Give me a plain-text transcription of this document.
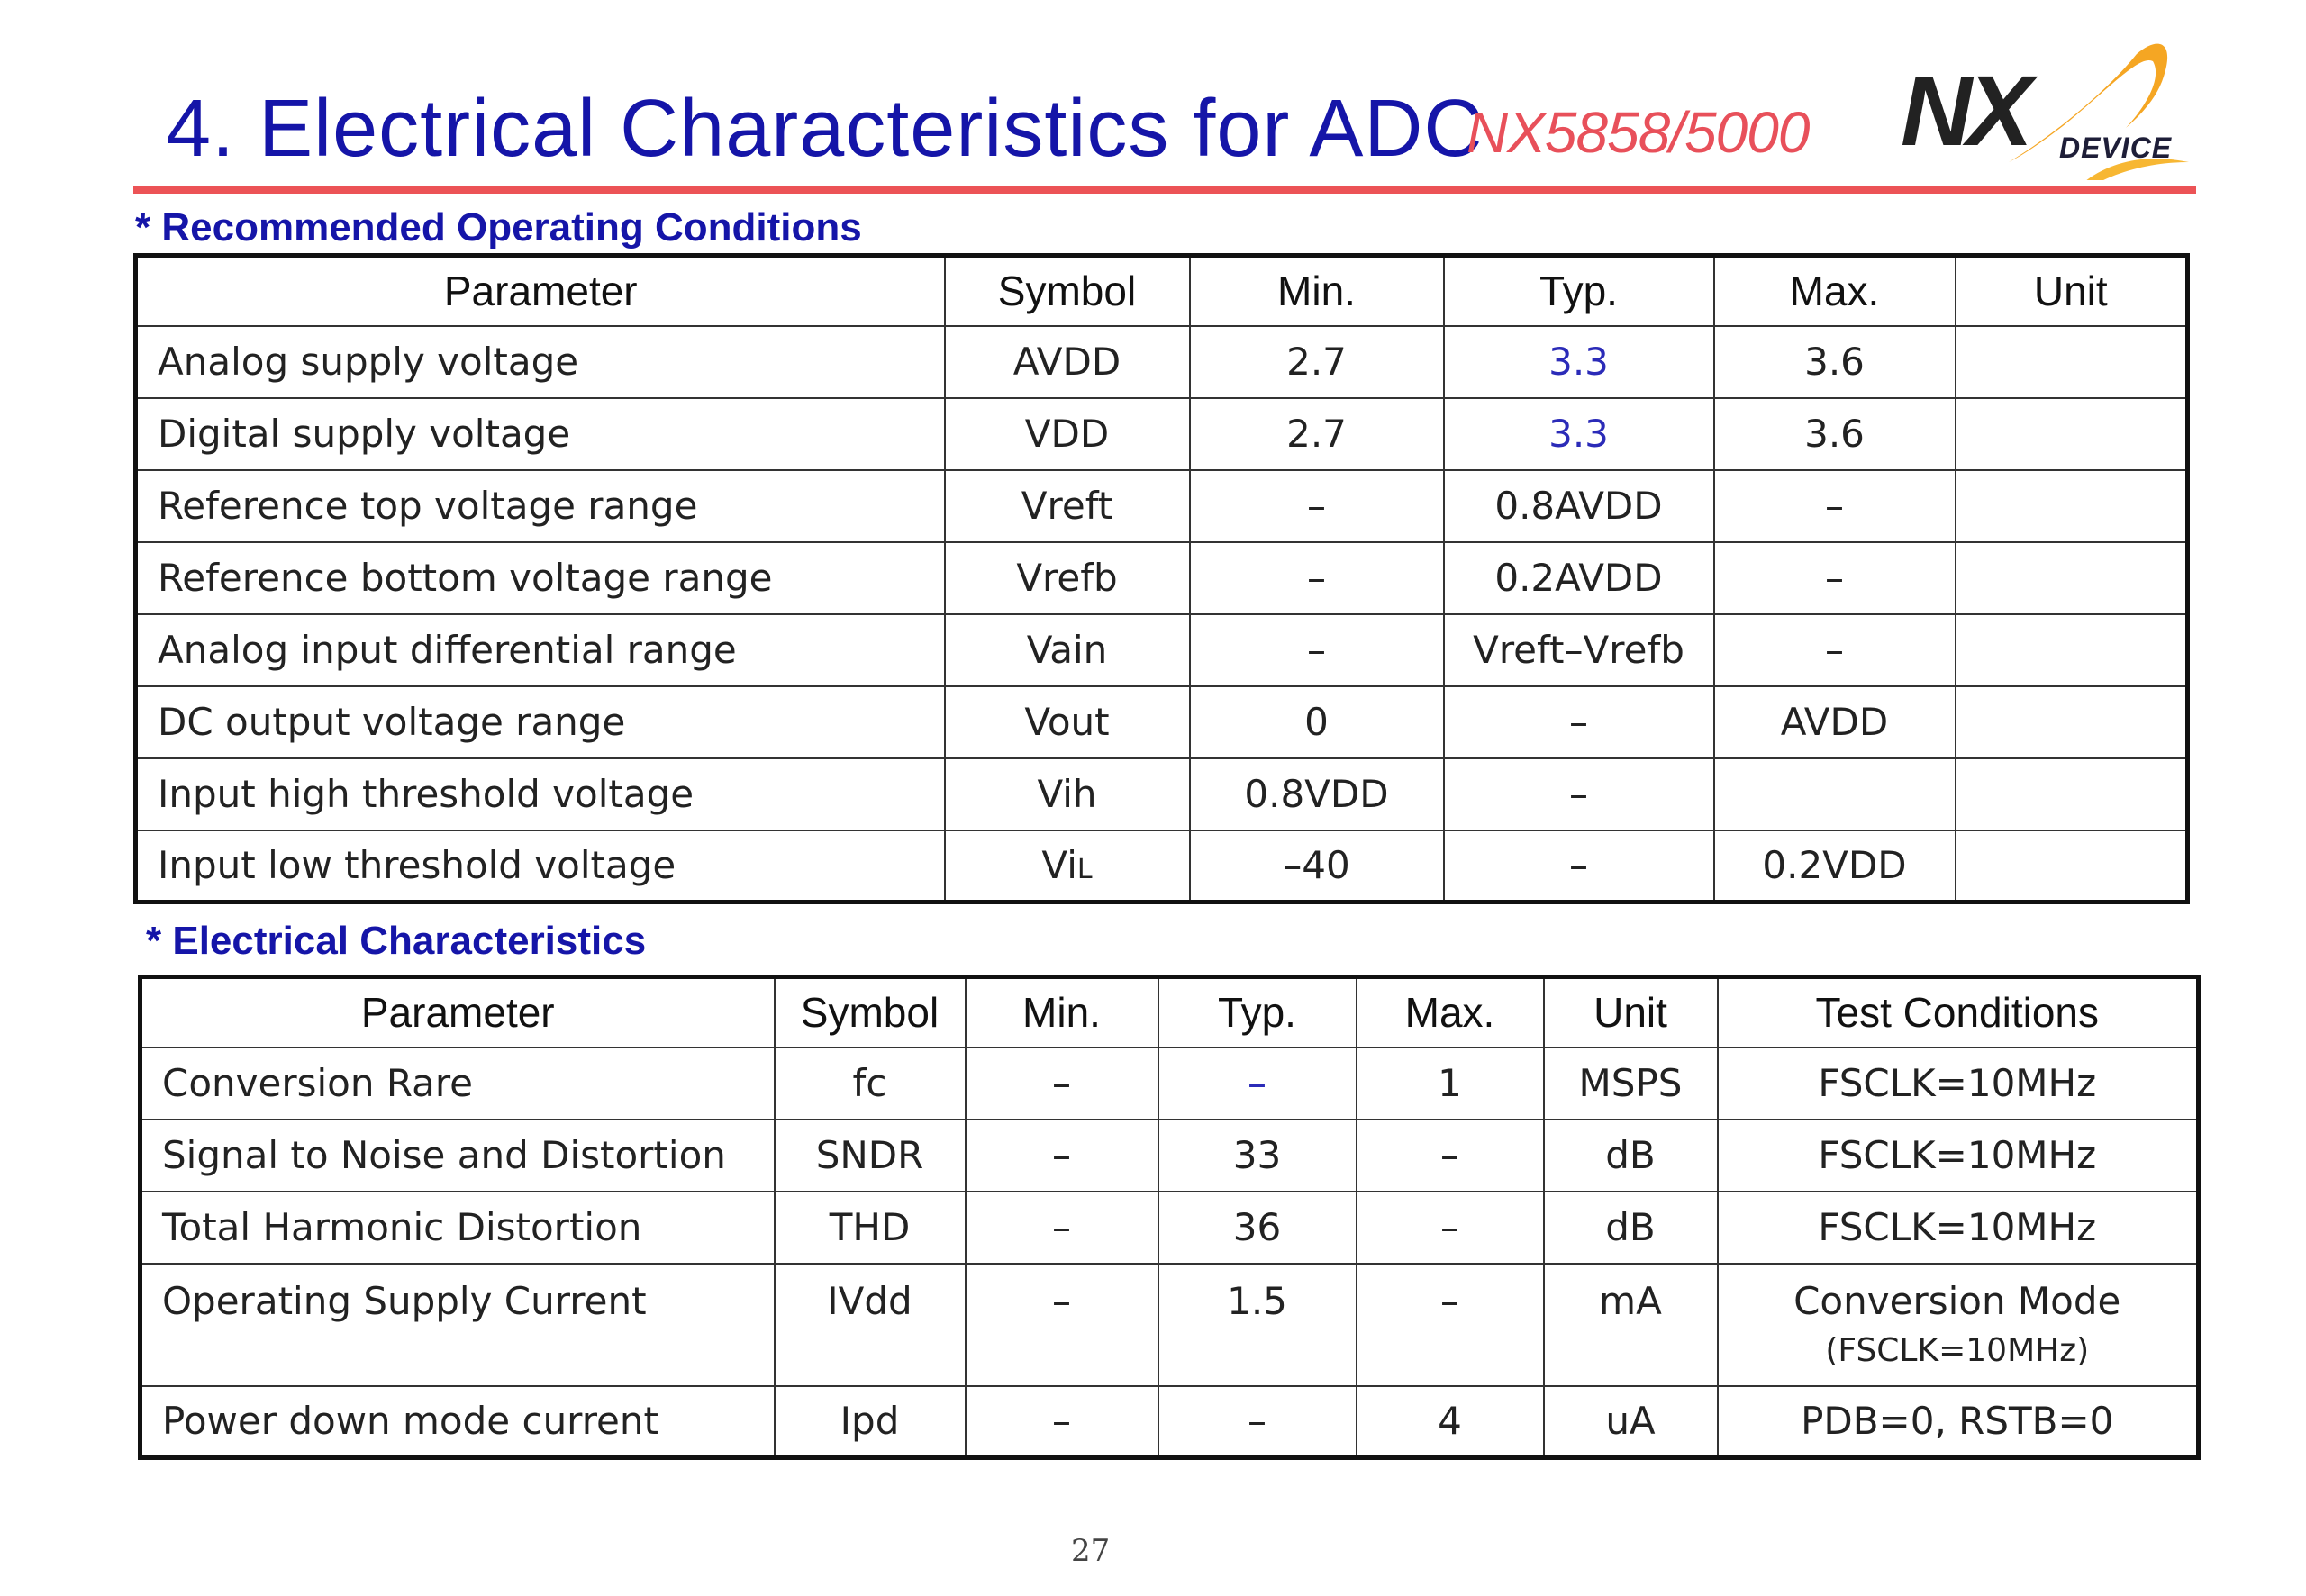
4. Electrical Characteristics for ADC
NX5858/5000 NX DEVICE
* Recommended Operating Conditions
Parameter	Symbol	Min.	Typ.	Max.	Unit
Analog supply voltage	AVDD	2.7	3.3	3.6	
Digital supply voltage	VDD	2.7	3.3	3.6	
Reference top voltage range	Vreft	–	0.8AVDD	–	
Reference bottom voltage range	Vrefb	–	0.2AVDD	–	
Analog input differential range	Vain	–	Vreft–Vrefb	–	
DC output voltage range	Vout	0	–	AVDD	
Input high threshold voltage	Vih	0.8VDD	–		
Input low threshold voltage	ViL	–40	–	0.2VDD	
* Electrical Characteristics
Parameter	Symbol	Min.	Typ.	Max.	Unit	Test Conditions
Conversion Rare	fc	–	–	1	MSPS	FSCLK=10MHz
Signal to Noise and Distortion	SNDR	–	33	–	dB	FSCLK=10MHz
Total Harmonic Distortion	THD	–	36	–	dB	FSCLK=10MHz
Operating Supply Current	IVdd	–	1.5	–	mA	Conversion Mode
(FSCLK=10MHz)

Power down mode current	Ipd	–	–	4	uA	PDB=0, RSTB=0
27
